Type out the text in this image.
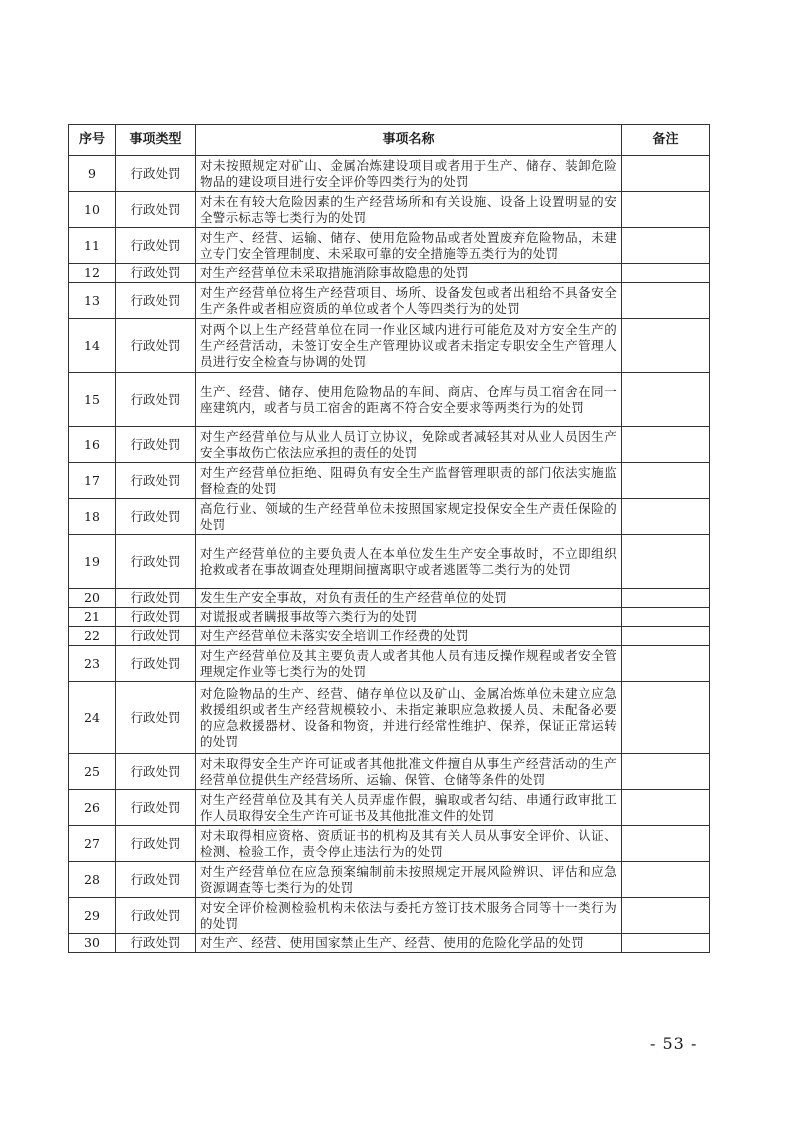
序号	事项类型	事项名称	备注
9	行政处罚	对未按照规定对矿山、金属冶炼建设项目或者用于生产、储存、装卸危险物品的建设项目进行安全评价等四类行为的处罚	
10	行政处罚	对未在有较大危险因素的生产经营场所和有关设施、设备上设置明显的安全警示标志等七类行为的处罚	
11	行政处罚	对生产、经营、运输、储存、使用危险物品或者处置废弃危险物品，未建立专门安全管理制度、未采取可靠的安全措施等五类行为的处罚	
12	行政处罚	对生产经营单位未采取措施消除事故隐患的处罚	
13	行政处罚	对生产经营单位将生产经营项目、场所、设备发包或者出租给不具备安全生产条件或者相应资质的单位或者个人等四类行为的处罚	
14	行政处罚	对两个以上生产经营单位在同一作业区域内进行可能危及对方安全生产的生产经营活动，未签订安全生产管理协议或者未指定专职安全生产管理人员进行安全检查与协调的处罚	
15	行政处罚	生产、经营、储存、使用危险物品的车间、商店、仓库与员工宿舍在同一座建筑内，或者与员工宿舍的距离不符合安全要求等两类行为的处罚	
16	行政处罚	对生产经营单位与从业人员订立协议，免除或者减轻其对从业人员因生产安全事故伤亡依法应承担的责任的处罚	
17	行政处罚	对生产经营单位拒绝、阻碍负有安全生产监督管理职责的部门依法实施监督检查的处罚	
18	行政处罚	高危行业、领域的生产经营单位未按照国家规定投保安全生产责任保险的处罚	
19	行政处罚	对生产经营单位的主要负责人在本单位发生生产安全事故时，不立即组织抢救或者在事故调查处理期间擅离职守或者逃匿等二类行为的处罚	
20	行政处罚	发生生产安全事故，对负有责任的生产经营单位的处罚	
21	行政处罚	对谎报或者瞒报事故等六类行为的处罚	
22	行政处罚	对生产经营单位未落实安全培训工作经费的处罚	
23	行政处罚	对生产经营单位及其主要负责人或者其他人员有违反操作规程或者安全管理规定作业等七类行为的处罚	
24	行政处罚	对危险物品的生产、经营、储存单位以及矿山、金属冶炼单位未建立应急救援组织或者生产经营规模较小、未指定兼职应急救援人员、未配备必要的应急救援器材、设备和物资，并进行经常性维护、保养，保证正常运转的处罚	
25	行政处罚	对未取得安全生产许可证或者其他批准文件擅自从事生产经营活动的生产经营单位提供生产经营场所、运输、保管、仓储等条件的处罚	
26	行政处罚	对生产经营单位及其有关人员弄虚作假，骗取或者勾结、串通行政审批工作人员取得安全生产许可证书及其他批准文件的处罚	
27	行政处罚	对未取得相应资格、资质证书的机构及其有关人员从事安全评价、认证、检测、检验工作，责令停止违法行为的处罚	
28	行政处罚	对生产经营单位在应急预案编制前未按照规定开展风险辨识、评估和应急资源调查等七类行为的处罚	
29	行政处罚	对安全评价检测检验机构未依法与委托方签订技术服务合同等十一类行为的处罚	
30	行政处罚	对生产、经营、使用国家禁止生产、经营、使用的危险化学品的处罚	
- 53 -
